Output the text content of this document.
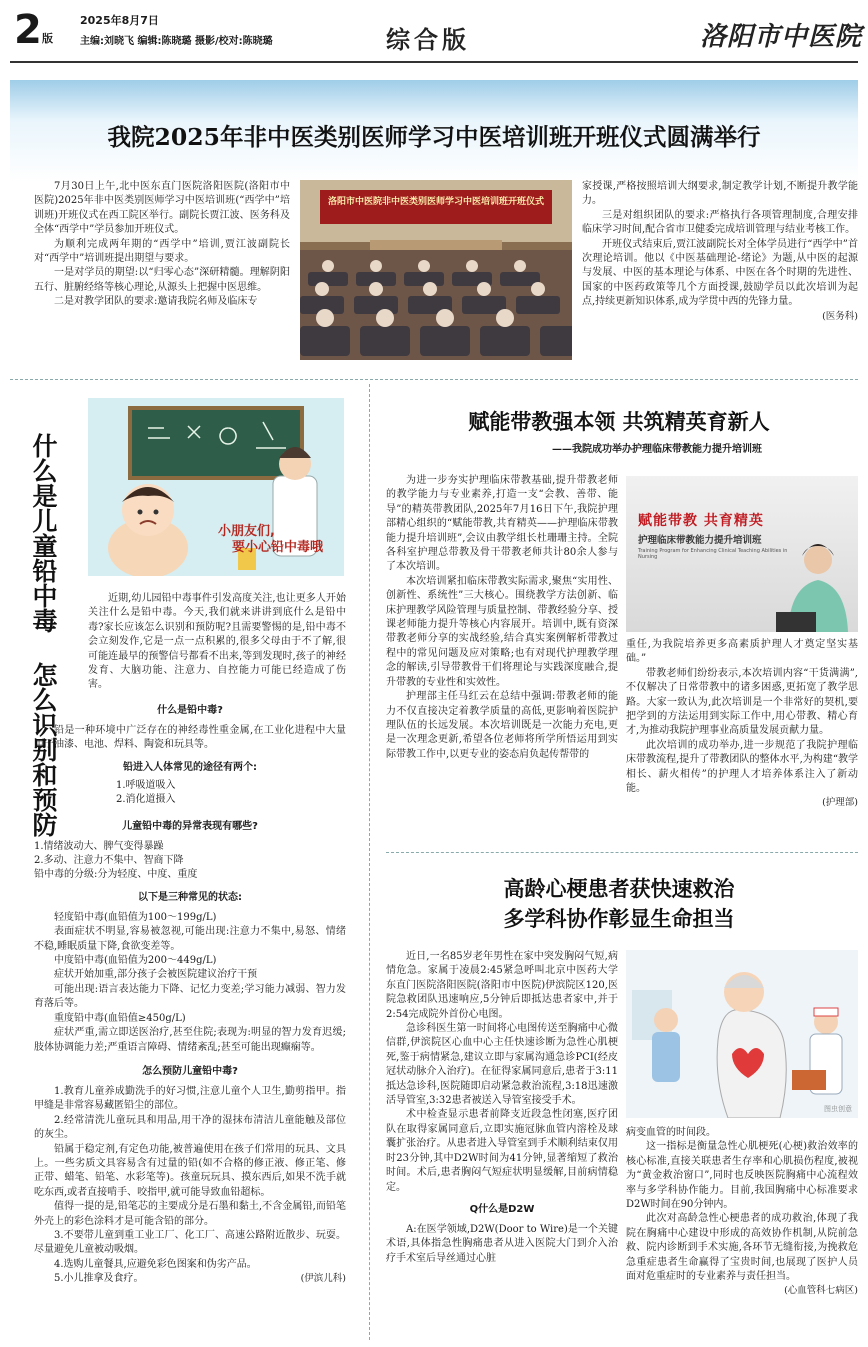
2 版
2025年8月7日
主编:刘晓飞 编辑:陈晓璐 摄影/校对:陈晓璐	综合版	洛阳市中医院
我院2025年非中医类别医师学习中医培训班开班仪式圆满举行

7月30日上午,北中医东直门医院洛阳医院(洛阳市中医院)2025年非中医类别医师学习中医培训班(“西学中”培训班)开班仪式在西工院区举行。副院长贾江波、医务科及全体“西学中”学员参加开班仪式。

为顺利完成两年期的“西学中”培训,贾江波副院长对“西学中”培训班提出期望与要求。

一是对学员的期望:以“归零心态”深研精髓。理解阴阳五行、脏腑经络等核心理论,从源头上把握中医思维。

二是对教学团队的要求:邀请我院名师及临床专

洛阳市中医院非中医类别医师学习中医培训班开班仪式

家授课,严格按照培训大纲要求,制定教学计划,不断提升教学能力。

三是对组织团队的要求:严格执行各项管理制度,合理安排临床学习时间,配合省市卫健委完成培训管理与结业考核工作。

开班仪式结束后,贾江波副院长对全体学员进行“西学中”首次理论培训。他以《中医基础理论-绪论》为题,从中医的起源与发展、中医的基本理论与体系、中医在各个时期的先进性、国家的中医药政策等几个方面授课,鼓励学员以此次培训为起点,持续更新知识体系,成为学贯中西的先锋力量。

(医务科)
什么是儿童铅中毒
怎么识别和预防
小朋友们,
要小心铅中毒哦

近期,幼儿园铅中毒事件引发高度关注,也让更多人开始关注什么是铅中毒。今天,我们就来讲讲到底什么是铅中毒?家长应该怎么识别和预防呢?且需要警惕的是,铅中毒不会立刻发作,它是一点一点积累的,很多父母由于不了解,很可能连最早的预警信号都看不出来,等到发现时,孩子的神经发育、大脑功能、注意力、自控能力可能已经造成了伤害。

什么是铅中毒?

铅是一种环境中广泛存在的神经毒性重金属,在工业化进程中大量用于油漆、电池、焊料、陶瓷和玩具等。

铅进入人体常见的途径有两个:
1.呼吸道吸入
2.消化道摄入
儿童铅中毒的异常表现有哪些?
1.情绪波动大、脾气变得暴躁
2.多动、注意力不集中、智商下降
铅中毒的分级:分为轻度、中度、重度
以下是三种常见的状态:

轻度铅中毒(血铅值为100～199g/L)

表面症状不明显,容易被忽视,可能出现:注意力不集中,易怒、情绪不稳,睡眠质量下降,食欲变差等。

中度铅中毒(血铅值为200～449g/L)

症状开始加重,部分孩子会被医院建议治疗干预

可能出现:语言表达能力下降、记忆力变差;学习能力减弱、智力发育落后等。

重度铅中毒(血铅值≥450g/L)

症状严重,需立即送医治疗,甚至住院;表现为:明显的智力发育迟缓;肢体协调能力差;严重语言障碍、情绪紊乱;甚至可能出现癫痫等。

怎么预防儿童铅中毒?

1.教育儿童养成勤洗手的好习惯,注意儿童个人卫生,勤剪指甲。指甲缝是非常容易藏匿铅尘的部位。

2.经常清洗儿童玩具和用品,用干净的湿抹布清洁儿童能触及部位的灰尘。

铅属于稳定剂,有定色功能,被普遍使用在孩子们常用的玩具、文具上。一些劣质文具容易含有过量的铅(如不合格的修正液、修正笔、修正带、蜡笔、铅笔、水彩笔等)。孩童玩玩具、摸东西后,如果不洗手就吃东西,或者直接啃手、咬指甲,就可能导致血铅超标。

值得一提的是,铅笔芯的主要成分是石墨和黏土,不含金属铅,而铅笔外壳上的彩色涂料才是可能含铅的部分。

3.不要带儿童到重工业工厂、化工厂、高速公路附近散步、玩耍。尽量避免儿童被动吸烟。

4.选购儿童餐具,应避免彩色图案和伪劣产品。

5.小儿推拿及食疗。	(伊滨儿科)
赋能带教强本领 共筑精英育新人
——我院成功举办护理临床带教能力提升培训班

为进一步夯实护理临床带教基础,提升带教老师的教学能力与专业素养,打造一支“会教、善带、能导”的精英带教团队,2025年7月16日下午,我院护理部精心组织的“赋能带教,共育精英——护理临床带教能力提升培训班”,会议由教学组长杜珊珊主持。全院各科室护理总带教及骨干带教老师共计80余人参与了本次培训。

本次培训紧扣临床带教实际需求,聚焦“实用性、创新性、系统性”三大核心。围绕教学方法创新、临床护理教学风险管理与质量控制、带教经验分享、授课老师能力提升等核心内容展开。培训中,既有资深带教老师分享的实战经验,结合真实案例解析带教过程中的常见问题及应对策略;也有对现代护理教学理念的解读,引导带教骨干们将理论与实践深度融合,提升带教的专业性和实效性。

护理部主任马红云在总结中强调:带教老师的能力不仅直接决定着教学质量的高低,更影响着医院护理队伍的长远发展。本次培训既是一次能力充电,更是一次理念更新,希望各位老师将所学所悟运用到实际带教工作中,以更专业的姿态肩负起传帮带的

赋能带教 共育精英
护理临床带教能力提升培训班
Training Program for Enhancing Clinical Teaching Abilities in Nursing

重任,为我院培养更多高素质护理人才奠定坚实基础。”

带教老师们纷纷表示,本次培训内容“干货满满”,不仅解决了日常带教中的诸多困惑,更拓宽了教学思路。大家一致认为,此次培训是一个非常好的契机,要把学到的方法运用到实际工作中,用心带教、精心育才,为推动我院护理事业高质量发展贡献力量。

此次培训的成功举办,进一步规范了我院护理临床带教流程,提升了带教团队的整体水平,为构建“教学相长、薪火相传”的护理人才培养体系注入了新动能。

(护理部)
高龄心梗患者获快速救治
多学科协作彰显生命担当

近日,一名85岁老年男性在家中突发胸闷气短,病情危急。家属于凌晨2:45紧急呼叫北京中医药大学东直门医院洛阳医院(洛阳市中医院)伊滨院区120,医院急救团队迅速响应,5分钟后即抵达患者家中,并于2:54完成院外首份心电图。

急诊科医生第一时间将心电图传送至胸痛中心微信群,伊滨院区心血中心主任快速诊断为急性心肌梗死,鉴于病情紧急,建议立即与家属沟通急诊PCI(经皮冠状动脉介入治疗)。在征得家属同意后,患者于3:11抵达急诊科,医院随即启动紧急救治流程,3:18迅速激活导管室,3:32患者被送入导管室接受手术。

术中检查显示患者前降支近段急性闭塞,医疗团队在取得家属同意后,立即实施冠脉血管内溶栓及球囊扩张治疗。从患者进入导管室到手术顺利结束仅用时23分钟,其中D2W时间为41分钟,显著缩短了救治时间。术后,患者胸闷气短症状明显缓解,目前病情稳定。

Q什么是D2W

A:在医学领域,D2W(Door to Wire)是一个关键术语,具体指急性胸痛患者从进入医院大门到介入治疗手术室后导丝通过心脏

图虫创意

病变血管的时间段。

这一指标是衡量急性心肌梗死(心梗)救治效率的核心标准,直接关联患者生存率和心肌损伤程度,被视为“黄金救治窗口”,同时也反映医院胸痛中心流程效率与多学科协作能力。目前,我国胸痛中心标准要求D2W时间在90分钟内。

此次对高龄急性心梗患者的成功救治,体现了我院在胸痛中心建设中形成的高效协作机制,从院前急救、院内诊断到手术实施,各环节无缝衔接,为挽救危急重症患者生命赢得了宝贵时间,也展现了医护人员面对危重症时的专业素养与责任担当。

(心血管科七病区)
